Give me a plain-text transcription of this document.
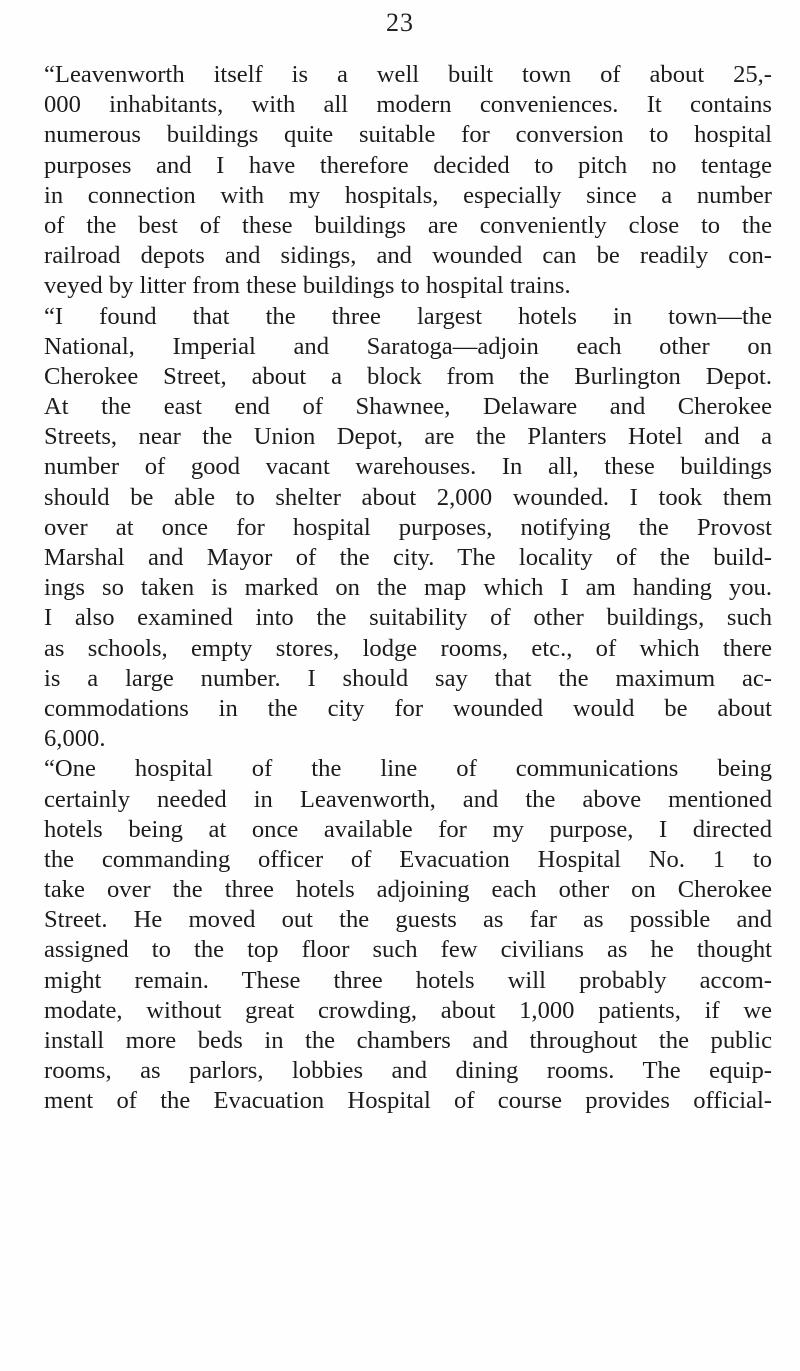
23
“Leavenworth itself is a well built town of about 25,-
000 inhabitants, with all modern conveniences. It contains
numerous buildings quite suitable for conversion to hospital
purposes and I have therefore decided to pitch no tentage
in connection with my hospitals, especially since a number
of the best of these buildings are conveniently close to the
railroad depots and sidings, and wounded can be readily con-
veyed by litter from these buildings to hospital trains.
“I found that the three largest hotels in town—the
National, Imperial and Saratoga—adjoin each other on
Cherokee Street, about a block from the Burlington Depot.
At the east end of Shawnee, Delaware and Cherokee
Streets, near the Union Depot, are the Planters Hotel and a
number of good vacant warehouses. In all, these buildings
should be able to shelter about 2,000 wounded. I took them
over at once for hospital purposes, notifying the Provost
Marshal and Mayor of the city. The locality of the build-
ings so taken is marked on the map which I am handing you.
I also examined into the suitability of other buildings, such
as schools, empty stores, lodge rooms, etc., of which there
is a large number. I should say that the maximum ac-
commodations in the city for wounded would be about
6,000.
“One hospital of the line of communications being
certainly needed in Leavenworth, and the above mentioned
hotels being at once available for my purpose, I directed
the commanding officer of Evacuation Hospital No. 1 to
take over the three hotels adjoining each other on Cherokee
Street. He moved out the guests as far as possible and
assigned to the top floor such few civilians as he thought
might remain. These three hotels will probably accom-
modate, without great crowding, about 1,000 patients, if we
install more beds in the chambers and throughout the public
rooms, as parlors, lobbies and dining rooms. The equip-
ment of the Evacuation Hospital of course provides official-
